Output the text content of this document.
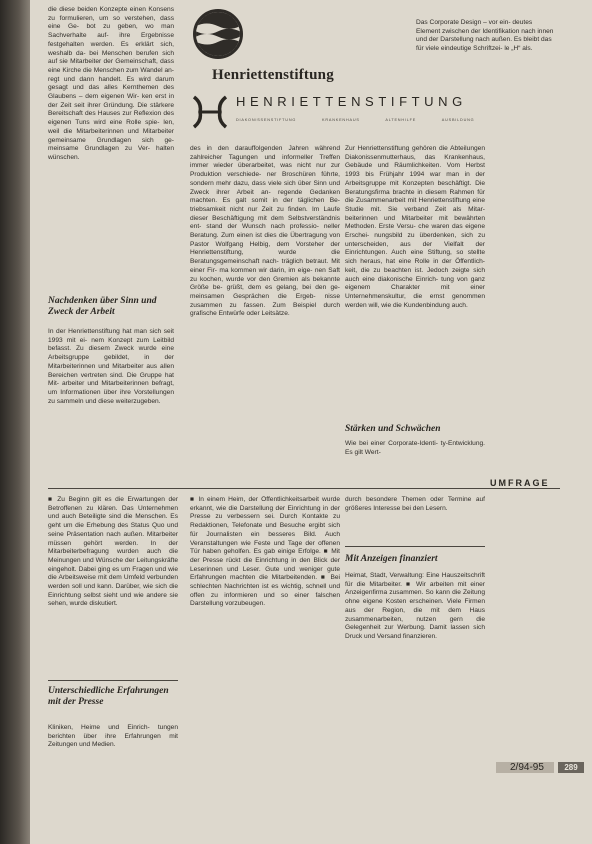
die diese beiden Konzepte einen Konsens zu formulieren, um so verstehen, dass eine Ge- bot zu geben, wo man Sachverhalte auf- ihre Ergebnisse festgehalten werden. Es erklärt sich, weshalb da- bei Menschen berufen sich auf sie Mitarbeiter der Gemeinschaft, dass eine Kirche die Menschen zum Wandel an- regt und dann handelt. Es wird darum gesagt und das alles Kernthemen des Glaubens – dem eigenen Wir- ken erst in der Zeit seit ihrer Gründung. Die stärkere Bereitschaft des Hauses zur Reflexion des eigenen Tuns wird eine Rolle spie- len, weil die Mitarbeiterinnen und Mitarbeiter gemeinsame Grundlagen sich ge- meinsame Grundlagen zu Ver- halten wünschen.

Nachdenken über Sinn und Zweck der Arbeit

In der Henriettenstiftung hat man sich seit 1993 mit ei- nem Konzept zum Leitbild befasst. Zu diesem Zweck wurde eine Arbeitsgruppe gebildet, in der Mitarbeiterinnen und Mitarbeiter aus allen Bereichen vertreten sind. Die Gruppe hat Mit- arbeiter und Mitarbeiterinnen befragt, um Informationen über ihre Vorstellungen zu sammeln und diese weiterzugeben.

Henriettenstiftung
Das Corporate Design – vor ein- deutes Element zwischen der Identifikation nach innen und der Darstellung nach außen. Es bleibt das für viele eindeutige Schriftzei- le „H“ als.
HENRIETTENSTIFTUNG
DIAKONISSENSTIFTUNG	KRANKENHAUS	ALTENHILFE	AUSBILDUNG

des in den darauffolgenden Jahren während zahlreicher Tagungen und informeller Treffen immer wieder überarbeitet, was nicht nur zur Produktion verschiede- ner Broschüren führte, sondern mehr dazu, dass viele sich über Sinn und Zweck ihrer Arbeit an- regende Gedanken machten. Es galt somit in der täglichen Be- triebsamkeit nicht nur Zeit zu finden. Im Laufe dieser Beschäftigung mit dem Selbstverständnis ent- stand der Wunsch nach professio- neller Beratung. Zum einen ist dies die Übertragung von Pastor Wolfgang Helbig, dem Vorsteher der Henriettenstiftung, wurde die Beratungsgemeinschaft nach- träglich betraut. Mit einer Fir- ma kommen wir darin, im eige- nen Saft zu kochen, wurde vor den Gremien als bekannte Größe be- grüßt, dem es gelang, bei den ge- meinsamen Gesprächen die Ergeb- nisse zusammen zu fassen. Zum Beispiel durch grafische Entwürfe oder Leitsätze.

Zur Henriettenstiftung gehören die Abteilungen Diakonissenmutterhaus, das Krankenhaus, Gebäude und Räumlichkeiten. Vom Herbst 1993 bis Frühjahr 1994 war man in der Arbeitsgruppe mit Konzepten beschäftigt. Die Beratungsfirma brachte in diesem Rahmen für die Zusammenarbeit mit Henriettenstiftung eine Studie mit. Sie verband Zeit als Mitar- beiterinnen und Mitarbeiter mit bewährten Methoden. Erste Versu- che waren das eigene Erschei- nungsbild zu überdenken, sich zu unterscheiden, aus der Vielfalt der Einrichtungen. Auch eine Stiftung, so stellte sich heraus, hat eine Rolle in der Öffentlich- keit, die zu beachten ist. Jedoch zeigte sich auch eine diakonische Einrich- tung von ganz eigenem Charakter mit einer Unternehmenskultur, die ernst genommen werden will, wie die Kundenbindung auch.

Stärken und Schwächen

Wie bei einer Corporate-Identi- ty-Entwicklung. Es gilt Wert-

UMFRAGE

■ Zu Beginn gilt es die Erwartungen der Betroffenen zu klären. Das Unternehmen und auch Beteiligte sind die Menschen. Es geht um die Erhebung des Status Quo und seine Präsentation nach außen. Mitarbeiter müssen gehört werden. In der Mitarbeiterbefragung wurden auch die Meinungen und Wünsche der Leitungskräfte eingeholt. Dabei ging es um Fragen und wie die Arbeitsweise mit dem Umfeld verbunden werden soll und kann. Darüber, wie sich die Einrichtung selbst sieht und wie andere sie sehen, wurde diskutiert.

Unterschiedliche Erfahrungen mit der Presse

Kliniken, Heime und Einrich- tungen berichten über ihre Erfahrungen mit Zeitungen und Medien.

■ In einem Heim, der Öffentlichkeitsarbeit wurde erkannt, wie die Darstellung der Einrichtung in der Presse zu verbessern sei. Durch Kontakte zu Redaktionen, Telefonate und Besuche ergibt sich für Journalisten ein besseres Bild. Auch Veranstaltungen wie Feste und Tage der offenen Tür haben geholfen. Es gab einige Erfolge. ■ Mit der Presse rückt die Einrichtung in den Blick der Leserinnen und Leser. Gute und weniger gute Erfahrungen machten die Mitarbeitenden. ■ Bei schlechten Nachrichten ist es wichtig, schnell und offen zu informieren und so einer falschen Darstellung vorzubeugen.

durch besondere Themen oder Termine auf größeres Interesse bei den Lesern.

Mit Anzeigen finanziert

Heimat, Stadt, Verwaltung: Eine Hauszeitschrift für die Mitarbeiter. ■ Wir arbeiten mit einer Anzeigenfirma zusammen. So kann die Zeitung ohne eigene Kosten erscheinen. Viele Firmen aus der Region, die mit dem Haus zusammenarbeiten, nutzen gern die Gelegenheit zur Werbung. Damit lassen sich Druck und Versand finanzieren.

2/94-95	289
